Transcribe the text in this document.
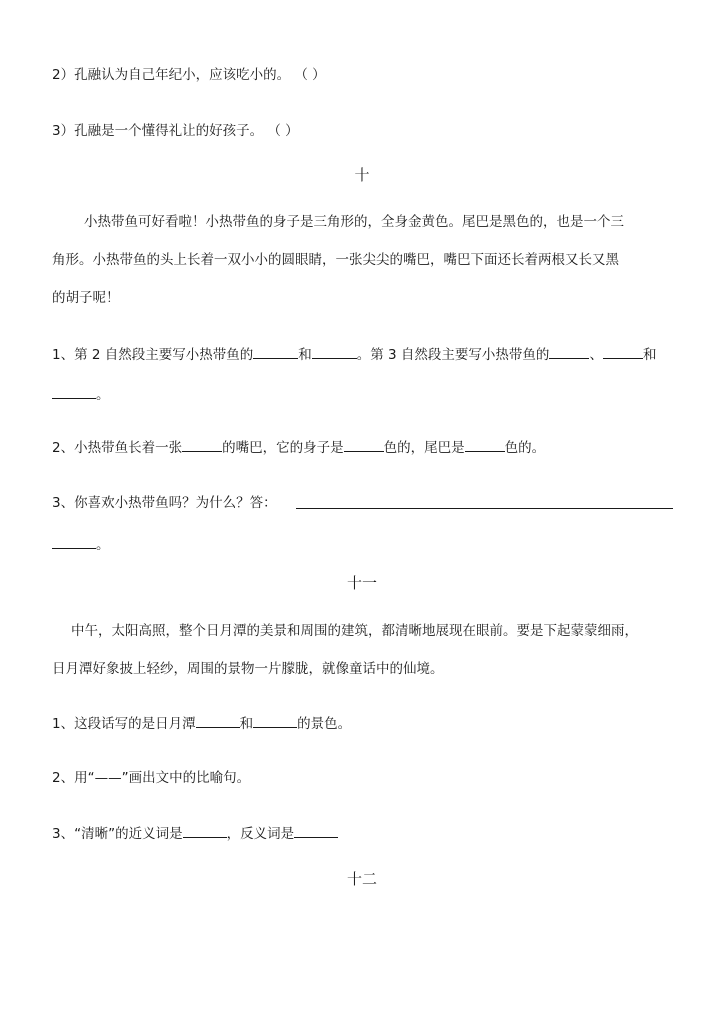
2）孔融认为自己年纪小，应该吃小的。 （ ）
3）孔融是一个懂得礼让的好孩子。 （ ）
十
小热带鱼可好看啦！小热带鱼的身子是三角形的，全身金黄色。尾巴是黑色的，也是一个三
角形。小热带鱼的头上长着一双小小的圆眼睛，一张尖尖的嘴巴，嘴巴下面还长着两根又长又黑
的胡子呢！
1、第 2 自然段主要写小热带鱼的	和	。第 3 自然段主要写小热带鱼的	、	和
。
2、小热带鱼长着一张	的嘴巴，它的身子是	色的，尾巴是	色的。
3、你喜欢小热带鱼吗？为什么？答：
。
十一
中午，太阳高照，整个日月潭的美景和周围的建筑，都清晰地展现在眼前。要是下起蒙蒙细雨，
日月潭好象披上轻纱，周围的景物一片朦胧，就像童话中的仙境。
1、这段话写的是日月潭	和	的景色。
2、用“——”画出文中的比喻句。
3、“清晰”的近义词是	，反义词是
十二
